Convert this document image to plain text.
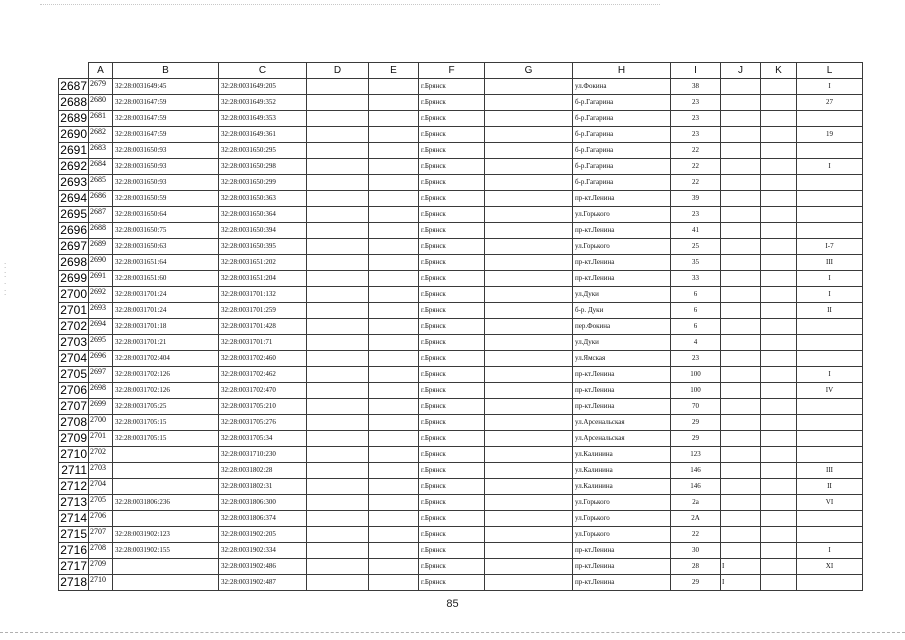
	A	B	C	D	E	F	G	H	I	J	K	L
2687	2679	32:28:0031649:45	32:28:0031649:205			г.Брянск		ул.Фокина	38			I
2688	2680	32:28:0031647:59	32:28:0031649:352			г.Брянск		б-р.Гагарина	23			27
2689	2681	32:28:0031647:59	32:28:0031649:353			г.Брянск		б-р.Гагарина	23			
2690	2682	32:28:0031647:59	32:28:0031649:361			г.Брянск		б-р.Гагарина	23			19
2691	2683	32:28:0031650:93	32:28:0031650:295			г.Брянск		б-р.Гагарина	22			
2692	2684	32:28:0031650:93	32:28:0031650:298			г.Брянск		б-р.Гагарина	22			I
2693	2685	32:28:0031650:93	32:28:0031650:299			г.Брянск		б-р.Гагарина	22			
2694	2686	32:28:0031650:59	32:28:0031650:363			г.Брянск		пр-кт.Ленина	39			
2695	2687	32:28:0031650:64	32:28:0031650:364			г.Брянск		ул.Горького	23			
2696	2688	32:28:0031650:75	32:28:0031650:394			г.Брянск		пр-кт.Ленина	41			
2697	2689	32:28:0031650:63	32:28:0031650:395			г.Брянск		ул.Горького	25			I-7
2698	2690	32:28:0031651:64	32:28:0031651:202			г.Брянск		пр-кт.Ленина	35			III
2699	2691	32:28:0031651:60	32:28:0031651:204			г.Брянск		пр-кт.Ленина	33			I
2700	2692	32:28:0031701:24	32:28:0031701:132			г.Брянск		ул.Дуки	6			I
2701	2693	32:28:0031701:24	32:28:0031701:259			г.Брянск		б-р. Дуки	6			II
2702	2694	32:28:0031701:18	32:28:0031701:428			г.Брянск		пер.Фокина	6			
2703	2695	32:28:0031701:21	32:28:0031701:71			г.Брянск		ул.Дуки	4			
2704	2696	32:28:0031702:404	32:28:0031702:460			г.Брянск		ул.Ямская	23			
2705	2697	32:28:0031702:126	32:28:0031702:462			г.Брянск		пр-кт.Ленина	100			I
2706	2698	32:28:0031702:126	32:28:0031702:470			г.Брянск		пр-кт.Ленина	100			IV
2707	2699	32:28:0031705:25	32:28:0031705:210			г.Брянск		пр-кт.Ленина	70			
2708	2700	32:28:0031705:15	32:28:0031705:276			г.Брянск		ул.Арсенальская	29			
2709	2701	32:28:0031705:15	32:28:0031705:34			г.Брянск		ул.Арсенальская	29			
2710	2702		32:28:0031710:230			г.Брянск		ул.Калинина	123			
2711	2703		32:28:0031802:28			г.Брянск		ул.Калинина	146			III
2712	2704		32:28:0031802:31			г.Брянск		ул.Калинина	146			II
2713	2705	32:28:0031806:236	32:28:0031806:300			г.Брянск		ул.Горького	2а			VI
2714	2706		32:28:0031806:374			г.Брянск		ул.Горького	2А			
2715	2707	32:28:0031902:123	32:28:0031902:205			г.Брянск		ул.Горького	22			
2716	2708	32:28:0031902:155	32:28:0031902:334			г.Брянск		пр-кт.Ленина	30			I
2717	2709		32:28:0031902:486			г.Брянск		пр-кт.Ленина	28	I		XI
2718	2710		32:28:0031902:487			г.Брянск		пр-кт.Ленина	29	I		
85
⁚
⁚
·
⁚
